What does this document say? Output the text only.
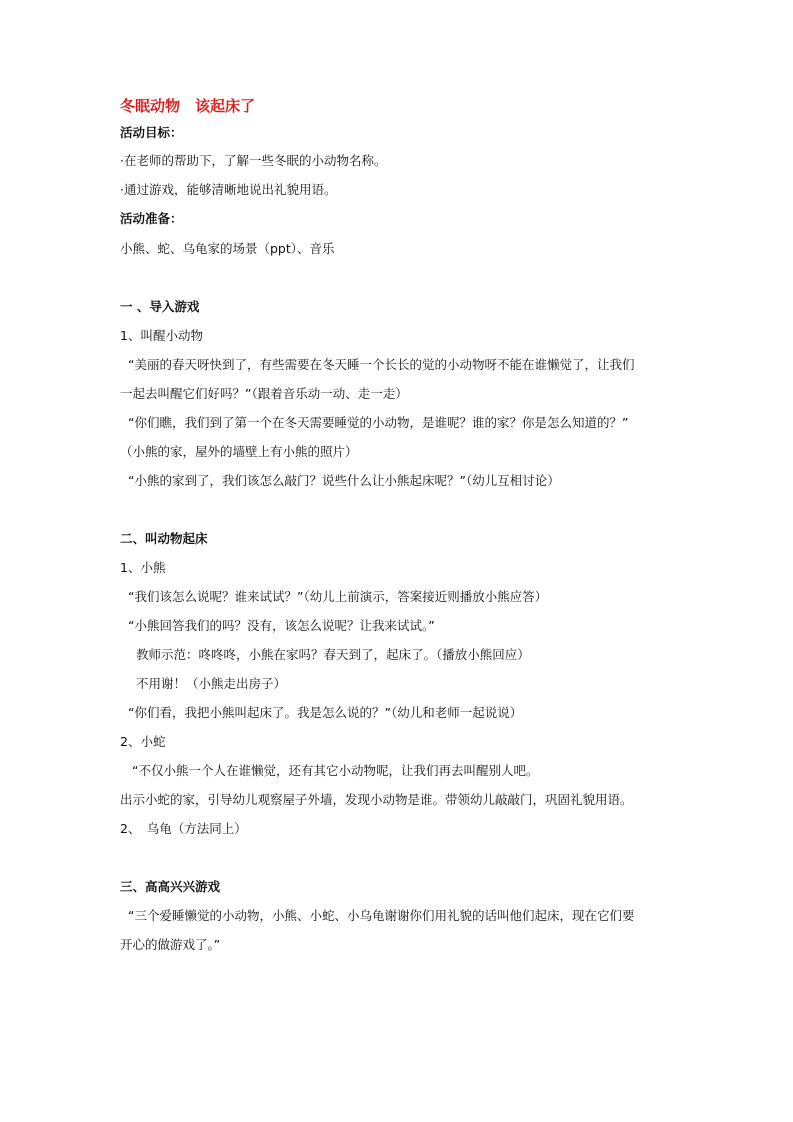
冬眠动物　该起床了
活动目标：
·在老师的帮助下，了解一些冬眠的小动物名称。
·通过游戏，能够清晰地说出礼貌用语。
活动准备：
小熊、蛇、乌龟家的场景（ppt）、音乐
一 、导入游戏
1、叫醒小动物
“美丽的春天呀快到了，有些需要在冬天睡一个长长的觉的小动物呀不能在谁懒觉了，让我们
一起去叫醒它们好吗？”（跟着音乐动一动、走一走）
“你们瞧，我们到了第一个在冬天需要睡觉的小动物，是谁呢？谁的家？你是怎么知道的？”
（小熊的家，屋外的墙壁上有小熊的照片）
“小熊的家到了，我们该怎么敲门？说些什么让小熊起床呢？”（幼儿互相讨论）
二、叫动物起床
1、小熊
“我们该怎么说呢？谁来试试？”（幼儿上前演示，答案接近则播放小熊应答）
“小熊回答我们的吗？没有，该怎么说呢？让我来试试。”
教师示范：咚咚咚，小熊在家吗？春天到了，起床了。（播放小熊回应）
不用谢！（小熊走出房子）
“你们看，我把小熊叫起床了。我是怎么说的？”（幼儿和老师一起说说）
2、小蛇
“不仅小熊一个人在谁懒觉，还有其它小动物呢，让我们再去叫醒别人吧。
出示小蛇的家，引导幼儿观察屋子外墙，发现小动物是谁。带领幼儿敲敲门，巩固礼貌用语。
2、　乌龟（方法同上）
三、高高兴兴游戏
“三个爱睡懒觉的小动物，小熊、小蛇、小乌龟谢谢你们用礼貌的话叫他们起床，现在它们要
开心的做游戏了。”
